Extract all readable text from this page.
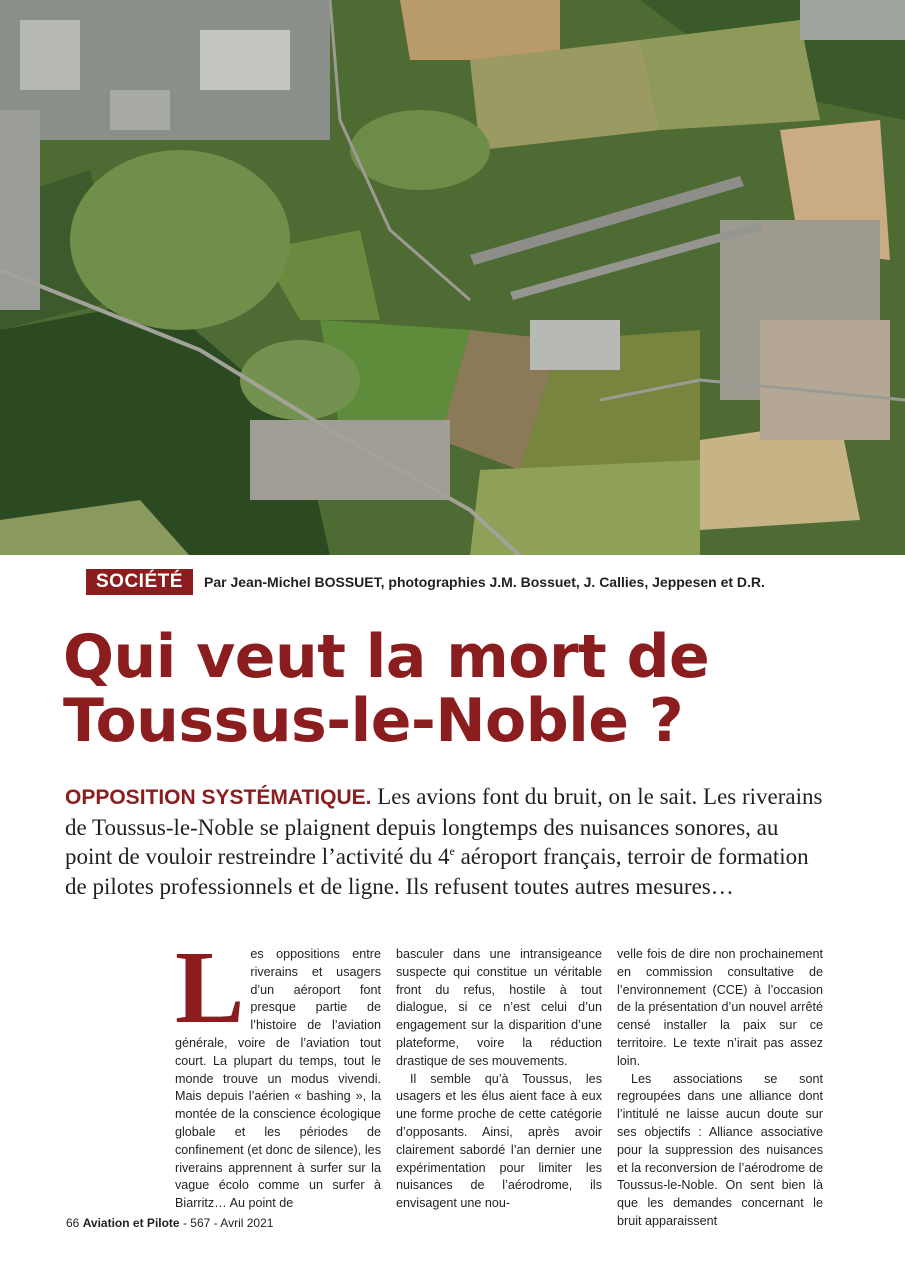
SOCIÉTÉ	Par Jean-Michel BOSSUET, photographies J.M. Bossuet, J. Callies, Jeppesen et D.R.
Qui veut la mort de
Toussus-le-Noble ?

OPPOSITION SYSTÉMATIQUE. Les avions font du bruit, on le sait. Les riverains de Toussus-le-Noble se plaignent depuis longtemps des nuisances sonores, au point de vouloir restreindre l’activité du 4e aéroport français, terroir de formation de pilotes professionnels et de ligne. Ils refusent toutes autres mesures…

L es oppositions entre riverains et usagers d’un aéroport font presque partie de l’histoire de l’aviation générale, voire de l’aviation tout court. La plupart du temps, tout le monde trouve un modus vivendi. Mais depuis l’aérien « bashing », la montée de la conscience écologique globale et les périodes de confinement (et donc de silence), les riverains apprennent à surfer sur la vague écolo comme un surfer à Biarritz… Au point de

basculer dans une intransigeance suspecte qui constitue un véritable front du refus, hostile à tout dialogue, si ce n’est celui d’un engagement sur la disparition d’une plateforme, voire la réduction drastique de ses mouvements.

Il semble qu’à Toussus, les usagers et les élus aient face à eux une forme proche de cette catégorie d’opposants. Ainsi, après avoir clairement sabordé l’an dernier une expérimentation pour limiter les nuisances de l’aérodrome, ils envisagent une nou-

velle fois de dire non prochainement en commission consultative de l’environnement (CCE) à l’occasion de la présentation d’un nouvel arrêté censé installer la paix sur ce territoire. Le texte n’irait pas assez loin.

Les associations se sont regroupées dans une alliance dont l’intitulé ne laisse aucun doute sur ses objectifs : Alliance associative pour la suppression des nuisances et la reconversion de l’aérodrome de Toussus-le-Noble. On sent bien là que les demandes concernant le bruit apparaissent

66 Aviation et Pilote - 567 - Avril 2021
